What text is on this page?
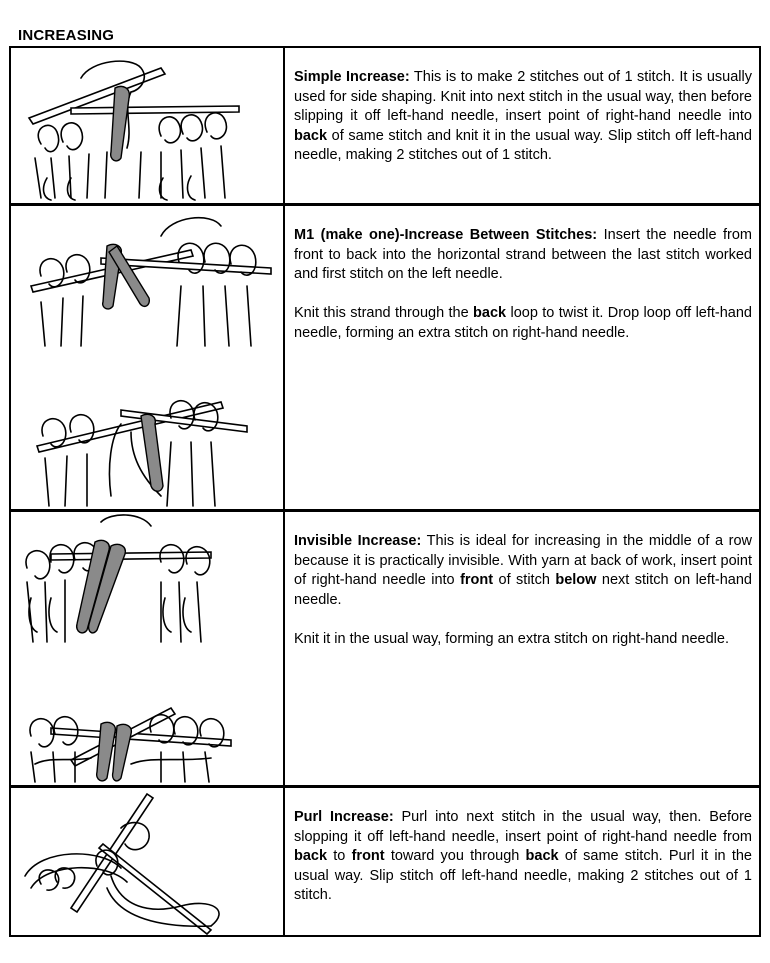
INCREASING

Simple Increase: This is to make 2 stitches out of 1 stitch. It is usually used for side shaping. Knit into next stitch in the usual way, then before slipping it off left-hand needle, insert point of right-hand needle into back of same stitch and knit it in the usual way. Slip stitch off left-hand needle, making 2 stitches out of 1 stitch.

M1 (make one)-Increase Between Stitches: Insert the needle from front to back into the horizontal strand between the last stitch worked and first stitch on the left needle.

Knit this strand through the back loop to twist it. Drop loop off left-hand needle, forming an extra stitch on right-hand needle.

Invisible Increase: This is ideal for increasing in the middle of a row because it is practically invisible. With yarn at back of work, insert point of right-hand needle into front of stitch below next stitch on left-hand needle.

Knit it in the usual way, forming an extra stitch on right-hand needle.

Purl Increase: Purl into next stitch in the usual way, then. Before slopping it off left-hand needle, insert point of right-hand needle from back to front toward you through back of same stitch. Purl it in the usual way. Slip stitch off left-hand needle, making 2 stitches out of 1 stitch.
